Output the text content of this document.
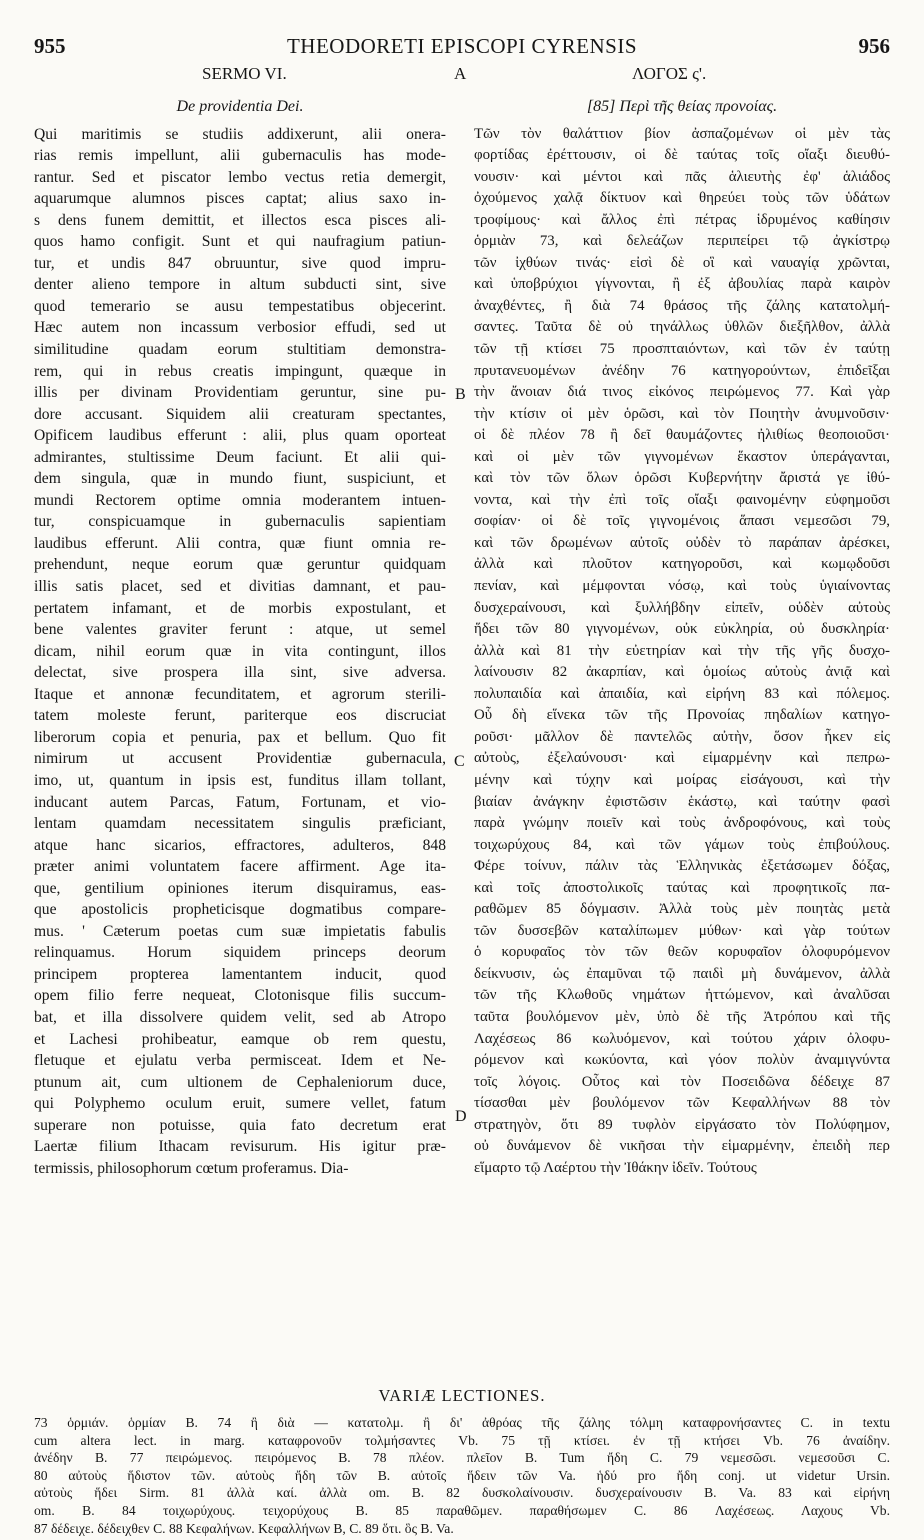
955	THEODORETI EPISCOPI CYRENSIS	956
SERMO VI.	A	ΛΟΓΟΣ ς'.
De providentia Dei.
Qui maritimis se studiis addixerunt, alii onera-
rias remis impellunt, alii gubernaculis has mode-
rantur. Sed et piscator lembo vectus retia demergit,
aquarumque alumnos pisces captat; alius saxo in-
s dens funem demittit, et illectos esca pisces ali-
quos hamo configit. Sunt et qui naufragium patiun-
tur, et undis 847 obruuntur, sive quod impru-
denter alieno tempore in altum subducti sint, sive
quod temerario se ausu tempestatibus objecerint.
Hæc autem non incassum verbosior effudi, sed ut
similitudine quadam eorum stultitiam demonstra-
rem, qui in rebus creatis impingunt, quæque in
illis per divinam Providentiam geruntur, sine pu-
dore accusant. Siquidem alii creaturam spectantes,
Opificem laudibus efferunt : alii, plus quam oporteat
admirantes, stultissime Deum faciunt. Et alii qui-
dem singula, quæ in mundo fiunt, suspiciunt, et
mundi Rectorem optime omnia moderantem intuen-
tur, conspicuamque in gubernaculis sapientiam
laudibus efferunt. Alii contra, quæ fiunt omnia re-
prehendunt, neque eorum quæ geruntur quidquam
illis satis placet, sed et divitias damnant, et pau-
pertatem infamant, et de morbis expostulant, et
bene valentes graviter ferunt : atque, ut semel
dicam, nihil eorum quæ in vita contingunt, illos
delectat, sive prospera illa sint, sive adversa.
Itaque et annonæ fecunditatem, et agrorum sterili-
tatem moleste ferunt, pariterque eos discruciat
liberorum copia et penuria, pax et bellum. Quo fit
nimirum ut accusent Providentiæ gubernacula,
imo, ut, quantum in ipsis est, funditus illam tollant,
inducant autem Parcas, Fatum, Fortunam, et vio-
lentam quamdam necessitatem singulis præficiant,
atque hanc sicarios, effractores, adulteros, 848
præter animi voluntatem facere affirment. Age ita-
que, gentilium opiniones iterum disquiramus, eas-
que apostolicis propheticisque dogmatibus compare-
mus. ' Cæterum poetas cum suæ impietatis fabulis
relinquamus. Horum siquidem princeps deorum
principem propterea lamentantem inducit, quod
opem filio ferre nequeat, Clotonisque filis succum-
bat, et illa dissolvere quidem velit, sed ab Atropo
et Lachesi prohibeatur, eamque ob rem questu,
fletuque et ejulatu verba permisceat. Idem et Ne-
ptunum ait, cum ultionem de Cephaleniorum duce,
qui Polyphemo oculum eruit, sumere vellet, fatum
superare non potuisse, quia fato decretum erat
Laertæ filium Ithacam revisurum. His igitur præ-
termissis, philosophorum cœtum proferamus. Dia-
[85] Περὶ τῆς θείας προνοίας.
Τῶν τὸν θαλάττιον βίον ἀσπαζομένων οἱ μὲν τὰς
φορτίδας ἐρέττουσιν, οἱ δὲ ταύτας τοῖς οἴαξι διευθύ-
νουσιν· καὶ μέντοι καὶ πᾶς ἁλιευτὴς ἐφ' ἁλιάδος
ὀχούμενος χαλᾷ δίκτυον καὶ θηρεύει τοὺς τῶν ὑδάτων
τροφίμους· καὶ ἄλλος ἐπὶ πέτρας ἱδρυμένος καθίησιν
ὁρμιὰν 73, καὶ δελεάζων περιπείρει τῷ ἀγκίστρῳ
τῶν ἰχθύων τινάς· εἰσὶ δὲ οἳ καὶ ναυαγίᾳ χρῶνται,
καὶ ὑποβρύχιοι γίγνονται, ἢ ἐξ ἀβουλίας παρὰ καιρὸν
ἀναχθέντες, ἢ διὰ 74 θράσος τῆς ζάλης κατατολμή-
σαντες. Ταῦτα δὲ οὐ τηνάλλως ὑθλῶν διεξῆλθον, ἀλλὰ
τῶν τῇ κτίσει 75 προσπταιόντων, καὶ τῶν ἐν ταύτῃ
πρυτανευομένων ἀνέδην 76 κατηγορούντων, ἐπιδεῖξαι
τὴν ἄνοιαν διά τινος εἰκόνος πειρώμενος 77. Καὶ γὰρ
τὴν κτίσιν οἱ μὲν ὁρῶσι, καὶ τὸν Ποιητὴν ἀνυμνοῦσιν·
οἱ δὲ πλέον 78 ἢ δεῖ θαυμάζοντες ἠλιθίως θεοποιοῦσι·
καὶ οἱ μὲν τῶν γιγνομένων ἕκαστον ὑπεράγανται,
καὶ τὸν τῶν ὅλων ὁρῶσι Κυβερνήτην ἄριστά γε ἰθύ-
νοντα, καὶ τὴν ἐπὶ τοῖς οἴαξι φαινομένην εὐφημοῦσι
σοφίαν· οἱ δὲ τοῖς γιγνομένοις ἅπασι νεμεσῶσι 79,
καὶ τῶν δρωμένων αὐτοῖς οὐδὲν τὸ παράπαν ἀρέσκει,
ἀλλὰ καὶ πλοῦτον κατηγοροῦσι, καὶ κωμῳδοῦσι
πενίαν, καὶ μέμφονται νόσῳ, καὶ τοὺς ὑγιαίνοντας
δυσχεραίνουσι, καὶ ξυλλήβδην εἰπεῖν, οὐδὲν αὐτοὺς
ἥδει τῶν 80 γιγνομένων, οὐκ εὐκληρία, οὐ δυσκληρία·
ἀλλὰ καὶ 81 τὴν εὐετηρίαν καὶ τὴν τῆς γῆς δυσχο-
λαίνουσιν 82 ἀκαρπίαν, καὶ ὁμοίως αὐτοὺς ἀνιᾷ καὶ
πολυπαιδία καὶ ἀπαιδία, καὶ εἰρήνη 83 καὶ πόλεμος.
Οὗ δὴ εἵνεκα τῶν τῆς Προνοίας πηδαλίων κατηγο-
ροῦσι· μᾶλλον δὲ παντελῶς αὐτὴν, ὅσον ἧκεν εἰς
αὐτοὺς, ἐξελαύνουσι· καὶ εἱμαρμένην καὶ πεπρω-
μένην καὶ τύχην καὶ μοίρας εἰσάγουσι, καὶ τὴν
βιαίαν ἀνάγκην ἐφιστῶσιν ἑκάστῳ, καὶ ταύτην φασὶ
παρὰ γνώμην ποιεῖν καὶ τοὺς ἀνδροφόνους, καὶ τοὺς
τοιχωρύχους 84, καὶ τῶν γάμων τοὺς ἐπιβούλους.
Φέρε τοίνυν, πάλιν τὰς Ἑλληνικὰς ἐξετάσωμεν δόξας,
καὶ τοῖς ἀποστολικοῖς ταύτας καὶ προφητικοῖς πα-
ραθῶμεν 85 δόγμασιν. Ἀλλὰ τοὺς μὲν ποιητὰς μετὰ
τῶν δυσσεβῶν καταλίπωμεν μύθων· καὶ γὰρ τούτων
ὁ κορυφαῖος τὸν τῶν θεῶν κορυφαῖον ὀλοφυρόμενον
δείκνυσιν, ὡς ἐπαμῦναι τῷ παιδὶ μὴ δυνάμενον, ἀλλὰ
τῶν τῆς Κλωθοῦς νημάτων ἡττώμενον, καὶ ἀναλῦσαι
ταῦτα βουλόμενον μὲν, ὑπὸ δὲ τῆς Ἀτρόπου καὶ τῆς
Λαχέσεως 86 κωλυόμενον, καὶ τούτου χάριν ὀλοφυ-
ρόμενον καὶ κωκύοντα, καὶ γόον πολὺν ἀναμιγνύντα
τοῖς λόγοις. Οὗτος καὶ τὸν Ποσειδῶνα δέδειχε 87
τίσασθαι μὲν βουλόμενον τῶν Κεφαλλήνων 88 τὸν
στρατηγὸν, ὅτι 89 τυφλὸν εἰργάσατο τὸν Πολύφημον,
οὐ δυνάμενον δὲ νικῆσαι τὴν εἱμαρμένην, ἐπειδὴ περ
εἵμαρτο τῷ Λαέρτου τὴν Ἰθάκην ἰδεῖν. Τούτους
B
C
D
VARIÆ LECTIONES.
73 ὁρμιάν. ὁρμίαν B. 74 ἢ διὰ — κατατολμ. ἢ δι' ἀθρόας τῆς ζάλης τόλμη καταφρονήσαντες C. in textu
cum altera lect. in marg. καταφρονοῦν τολμήσαντες Vb. 75 τῇ κτίσει. ἐν τῇ κτήσει Vb. 76 ἀναίδην.
ἀνέδην B. 77 πειρώμενος. πειρόμενος B. 78 πλέον. πλεῖον B. Tum ἤδη C. 79 νεμεσῶσι. νεμεσοῦσι C.
80 αὐτοὺς ἥδιστον τῶν. αὐτοὺς ἤδη τῶν B. αὐτοῖς ἥδειν τῶν Va. ἡδύ pro ἤδη conj. ut videtur Ursin.
αὐτοὺς ἥδει Sirm. 81 ἀλλὰ καί. ἀλλὰ om. B. 82 δυσκολαίνουσιν. δυσχεραίνουσιν B. Va. 83 καὶ εἰρήνη
om. B. 84 τοιχωρύχους. τειχορύχους B. 85 παραθῶμεν. παραθήσωμεν C. 86 Λαχέσεως. Λαχους Vb.
87 δέδειχε. δέδειχθεν C. 88 Κεφαλήνων. Κεφαλλήνων B, C. 89 ὅτι. ὃς B. Va.
